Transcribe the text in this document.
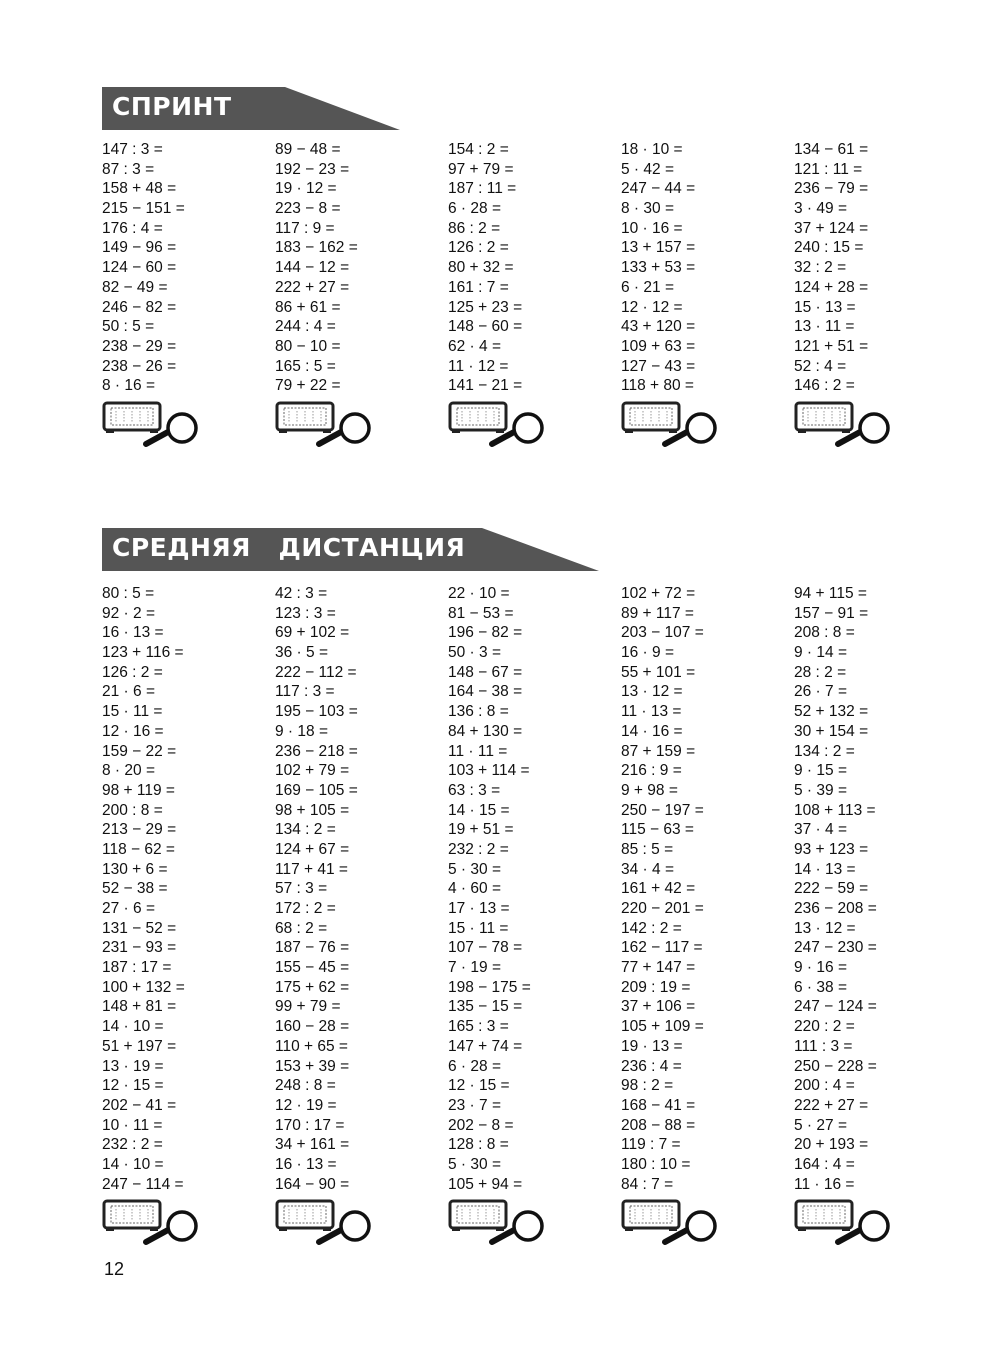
СПРИНТ
147 : 3 =
87 : 3 =
158 + 48 =
215 − 151 =
176 : 4 =
149 − 96 =
124 − 60 =
82 − 49 =
246 − 82 =
50 : 5 =
238 − 29 =
238 − 26 =
8 · 16 =
89 − 48 =
192 − 23 =
19 · 12 =
223 − 8 =
117 : 9 =
183 − 162 =
144 − 12 =
222 + 27 =
86 + 61 =
244 : 4 =
80 − 10 =
165 : 5 =
79 + 22 =
154 : 2 =
97 + 79 =
187 : 11 =
6 · 28 =
86 : 2 =
126 : 2 =
80 + 32 =
161 : 7 =
125 + 23 =
148 − 60 =
62 · 4 =
11 · 12 =
141 − 21 =
18 · 10 =
5 · 42 =
247 − 44 =
8 · 30 =
10 · 16 =
13 + 157 =
133 + 53 =
6 · 21 =
12 · 12 =
43 + 120 =
109 + 63 =
127 − 43 =
118 + 80 =
134 − 61 =
121 : 11 =
236 − 79 =
3 · 49 =
37 + 124 =
240 : 15 =
32 : 2 =
124 + 28 =
15 · 13 =
13 · 11 =
121 + 51 =
52 : 4 =
146 : 2 =
СРЕДНЯЯ   ДИСТАНЦИЯ
80 : 5 =
92 · 2 =
16 · 13 =
123 + 116 =
126 : 2 =
21 · 6 =
15 · 11 =
12 · 16 =
159 − 22 =
8 · 20 =
98 + 119 =
200 : 8 =
213 − 29 =
118 − 62 =
130 + 6 =
52 − 38 =
27 · 6 =
131 − 52 =
231 − 93 =
187 : 17 =
100 + 132 =
148 + 81 =
14 · 10 =
51 + 197 =
13 · 19 =
12 · 15 =
202 − 41 =
10 · 11 =
232 : 2 =
14 · 10 =
247 − 114 =
42 : 3 =
123 : 3 =
69 + 102 =
36 · 5 =
222 − 112 =
117 : 3 =
195 − 103 =
9 · 18 =
236 − 218 =
102 + 79 =
169 − 105 =
98 + 105 =
134 : 2 =
124 + 67 =
117 + 41 =
57 : 3 =
172 : 2 =
68 : 2 =
187 − 76 =
155 − 45 =
175 + 62 =
99 + 79 =
160 − 28 =
110 + 65 =
153 + 39 =
248 : 8 =
12 · 19 =
170 : 17 =
34 + 161 =
16 · 13 =
164 − 90 =
22 · 10 =
81 − 53 =
196 − 82 =
50 · 3 =
148 − 67 =
164 − 38 =
136 : 8 =
84 + 130 =
11 · 11 =
103 + 114 =
63 : 3 =
14 · 15 =
19 + 51 =
232 : 2 =
5 · 30 =
4 · 60 =
17 · 13 =
15 · 11 =
107 − 78 =
7 · 19 =
198 − 175 =
135 − 15 =
165 : 3 =
147 + 74 =
6 · 28 =
12 · 15 =
23 · 7 =
202 − 8 =
128 : 8 =
5 · 30 =
105 + 94 =
102 + 72 =
89 + 117 =
203 − 107 =
16 · 9 =
55 + 101 =
13 · 12 =
11 · 13 =
14 · 16 =
87 + 159 =
216 : 9 =
9 + 98 =
250 − 197 =
115 − 63 =
85 : 5 =
34 · 4 =
161 + 42 =
220 − 201 =
142 : 2 =
162 − 117 =
77 + 147 =
209 : 19 =
37 + 106 =
105 + 109 =
19 · 13 =
236 : 4 =
98 : 2 =
168 − 41 =
208 − 88 =
119 : 7 =
180 : 10 =
84 : 7 =
94 + 115 =
157 − 91 =
208 : 8 =
9 · 14 =
28 : 2 =
26 · 7 =
52 + 132 =
30 + 154 =
134 : 2 =
9 · 15 =
5 · 39 =
108 + 113 =
37 · 4 =
93 + 123 =
14 · 13 =
222 − 59 =
236 − 208 =
13 · 12 =
247 − 230 =
9 · 16 =
6 · 38 =
247 − 124 =
220 : 2 =
111 : 3 =
250 − 228 =
200 : 4 =
222 + 27 =
5 · 27 =
20 + 193 =
164 : 4 =
11 · 16 =
12
